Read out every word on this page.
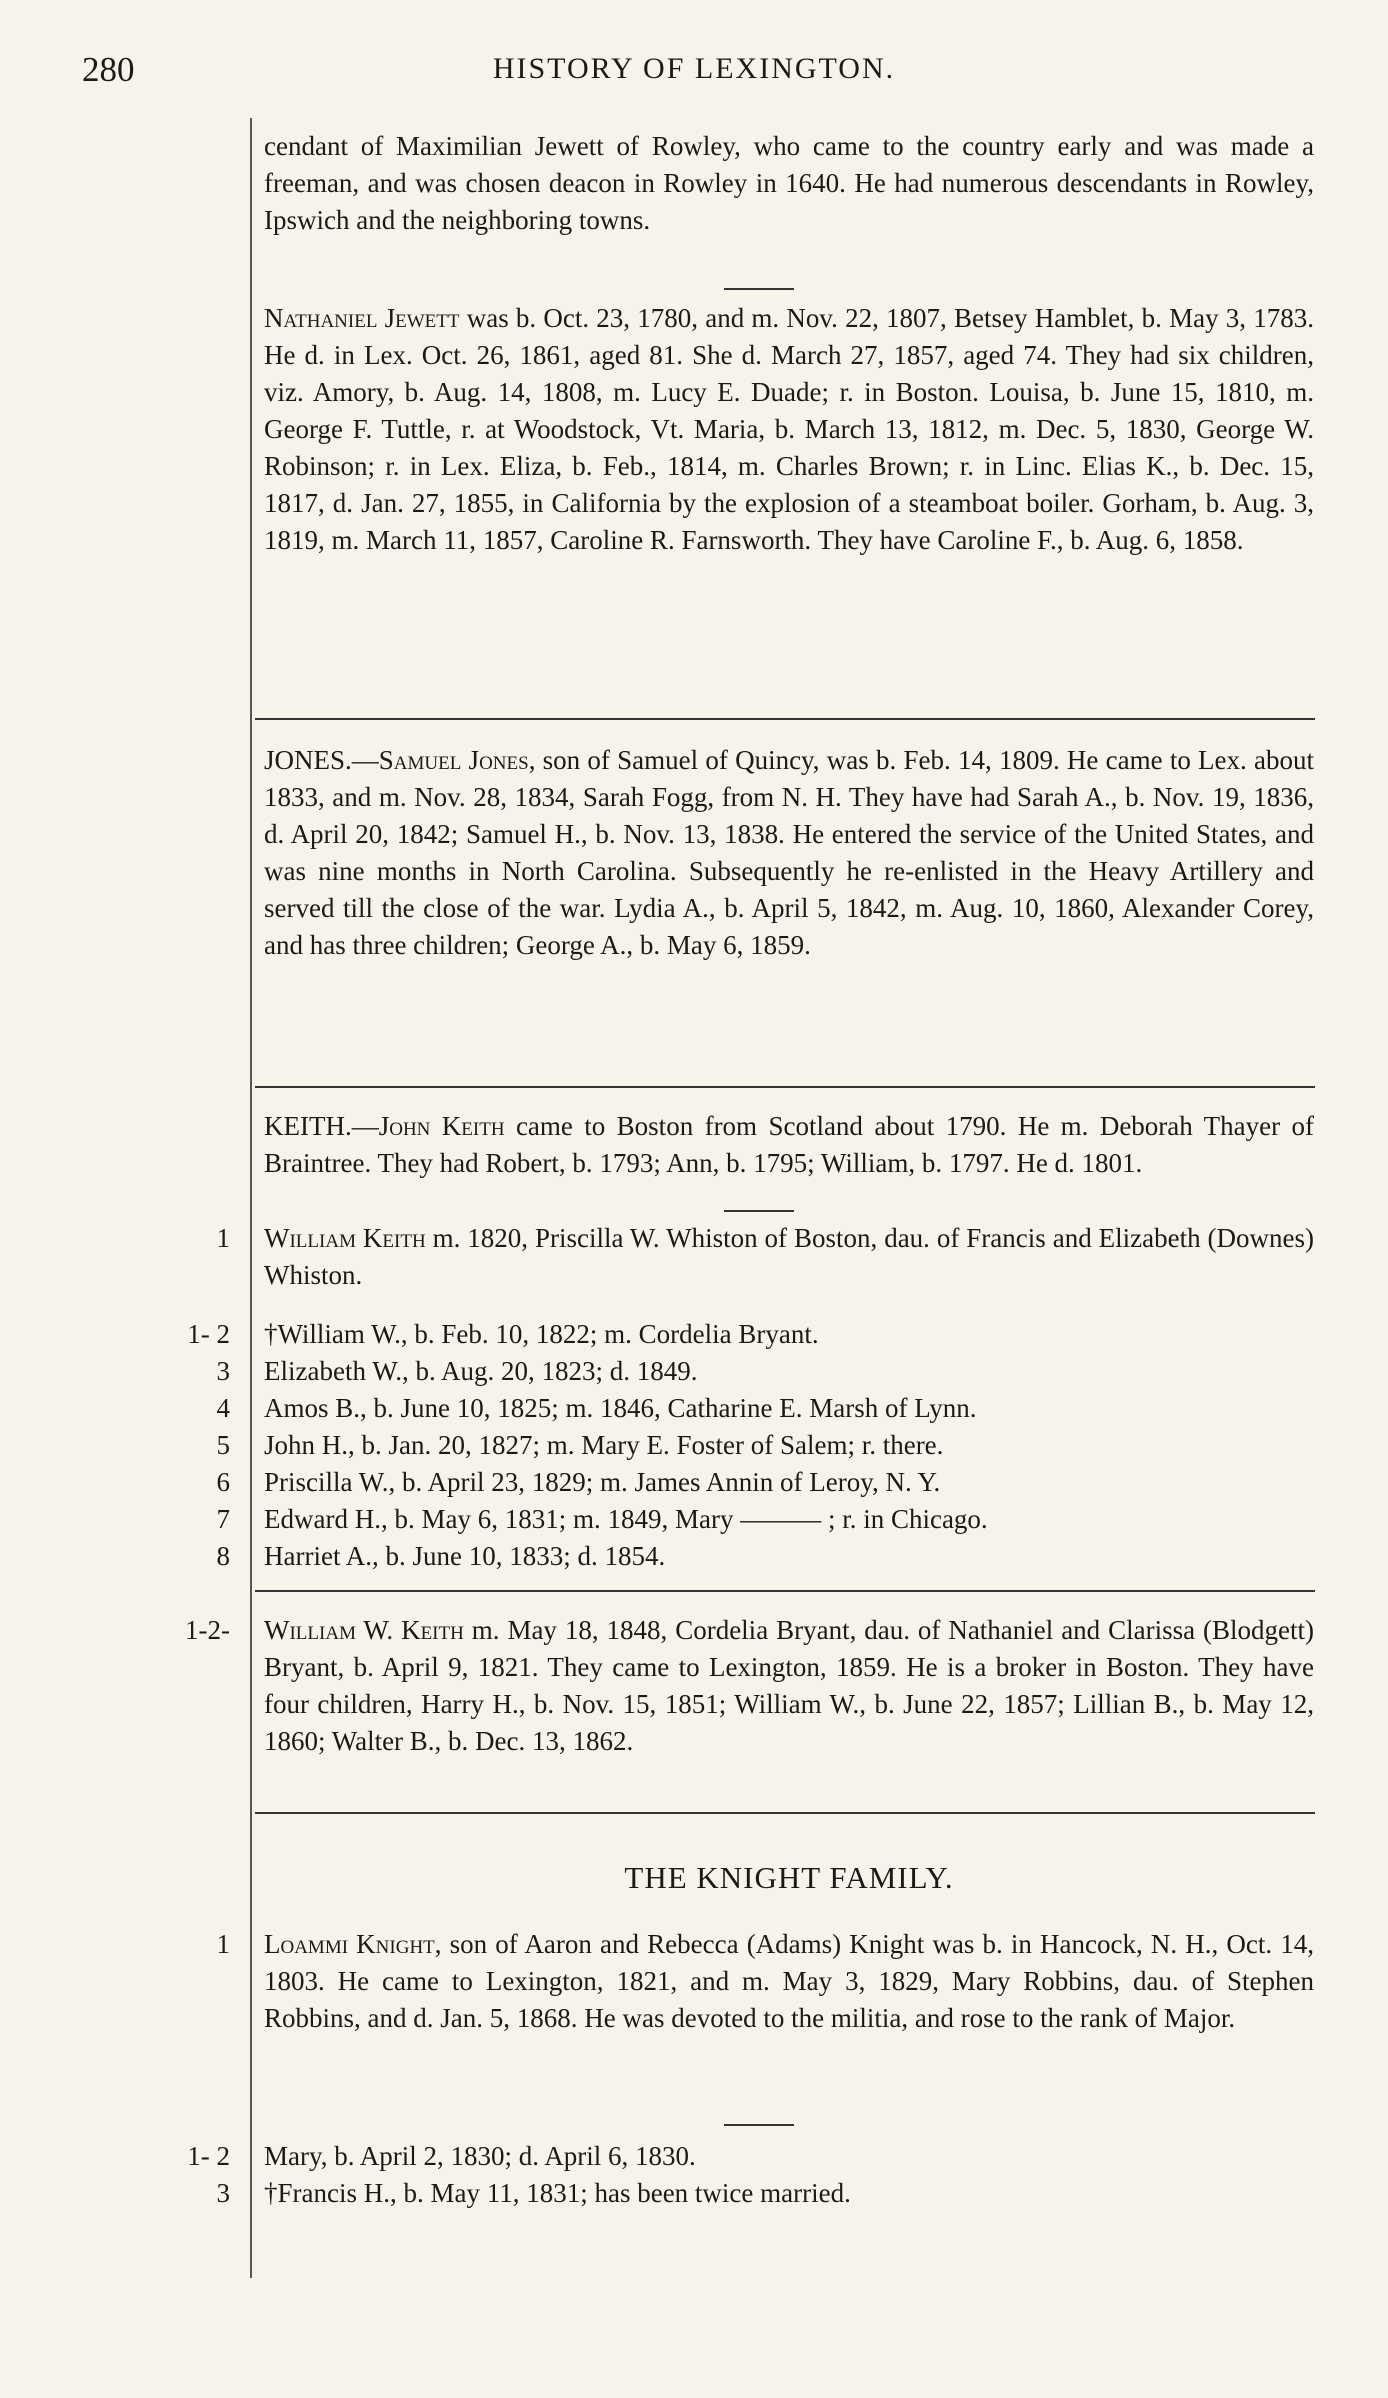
280	HISTORY OF LEXINGTON.

cendant of Maximilian Jewett of Rowley, who came to the country early and was made a freeman, and was chosen deacon in Rowley in 1640. He had numerous descendants in Rowley, Ipswich and the neighboring towns.

Nathaniel Jewett was b. Oct. 23, 1780, and m. Nov. 22, 1807, Betsey Hamblet, b. May 3, 1783. He d. in Lex. Oct. 26, 1861, aged 81. She d. March 27, 1857, aged 74. They had six children, viz. Amory, b. Aug. 14, 1808, m. Lucy E. Duade; r. in Boston. Louisa, b. June 15, 1810, m. George F. Tuttle, r. at Woodstock, Vt. Maria, b. March 13, 1812, m. Dec. 5, 1830, George W. Robinson; r. in Lex. Eliza, b. Feb., 1814, m. Charles Brown; r. in Linc. Elias K., b. Dec. 15, 1817, d. Jan. 27, 1855, in California by the explosion of a steamboat boiler. Gorham, b. Aug. 3, 1819, m. March 11, 1857, Caroline R. Farnsworth. They have Caroline F., b. Aug. 6, 1858.

JONES.—Samuel Jones, son of Samuel of Quincy, was b. Feb. 14, 1809. He came to Lex. about 1833, and m. Nov. 28, 1834, Sarah Fogg, from N. H. They have had Sarah A., b. Nov. 19, 1836, d. April 20, 1842; Samuel H., b. Nov. 13, 1838. He entered the service of the United States, and was nine months in North Carolina. Subsequently he re-enlisted in the Heavy Artillery and served till the close of the war. Lydia A., b. April 5, 1842, m. Aug. 10, 1860, Alexander Corey, and has three children; George A., b. May 6, 1859.

KEITH.—John Keith came to Boston from Scotland about 1790. He m. Deborah Thayer of Braintree. They had Robert, b. 1793; Ann, b. 1795; William, b. 1797. He d. 1801.

1 William Keith m. 1820, Priscilla W. Whiston of Boston, dau. of Francis and Elizabeth (Downes) Whiston.

1- 2
3
4
5
6
7
8
†William W., b. Feb. 10, 1822; m. Cordelia Bryant.
Elizabeth W., b. Aug. 20, 1823; d. 1849.
Amos B., b. June 10, 1825; m. 1846, Catharine E. Marsh of Lynn.
John H., b. Jan. 20, 1827; m. Mary E. Foster of Salem; r. there.
Priscilla W., b. April 23, 1829; m. James Annin of Leroy, N. Y.
Edward H., b. May 6, 1831; m. 1849, Mary ——— ; r. in Chicago.
Harriet A., b. June 10, 1833; d. 1854.
1-2- William W. Keith m. May 18, 1848, Cordelia Bryant, dau. of Nathaniel and Clarissa (Blodgett) Bryant, b. April 9, 1821. They came to Lexington, 1859. He is a broker in Boston. They have four children, Harry H., b. Nov. 15, 1851; William W., b. June 22, 1857; Lillian B., b. May 12, 1860; Walter B., b. Dec. 13, 1862.

THE KNIGHT FAMILY.
1 Loammi Knight, son of Aaron and Rebecca (Adams) Knight was b. in Hancock, N. H., Oct. 14, 1803. He came to Lexington, 1821, and m. May 3, 1829, Mary Robbins, dau. of Stephen Robbins, and d. Jan. 5, 1868. He was devoted to the militia, and rose to the rank of Major.

1- 2
3
Mary, b. April 2, 1830; d. April 6, 1830.
†Francis H., b. May 11, 1831; has been twice married.
